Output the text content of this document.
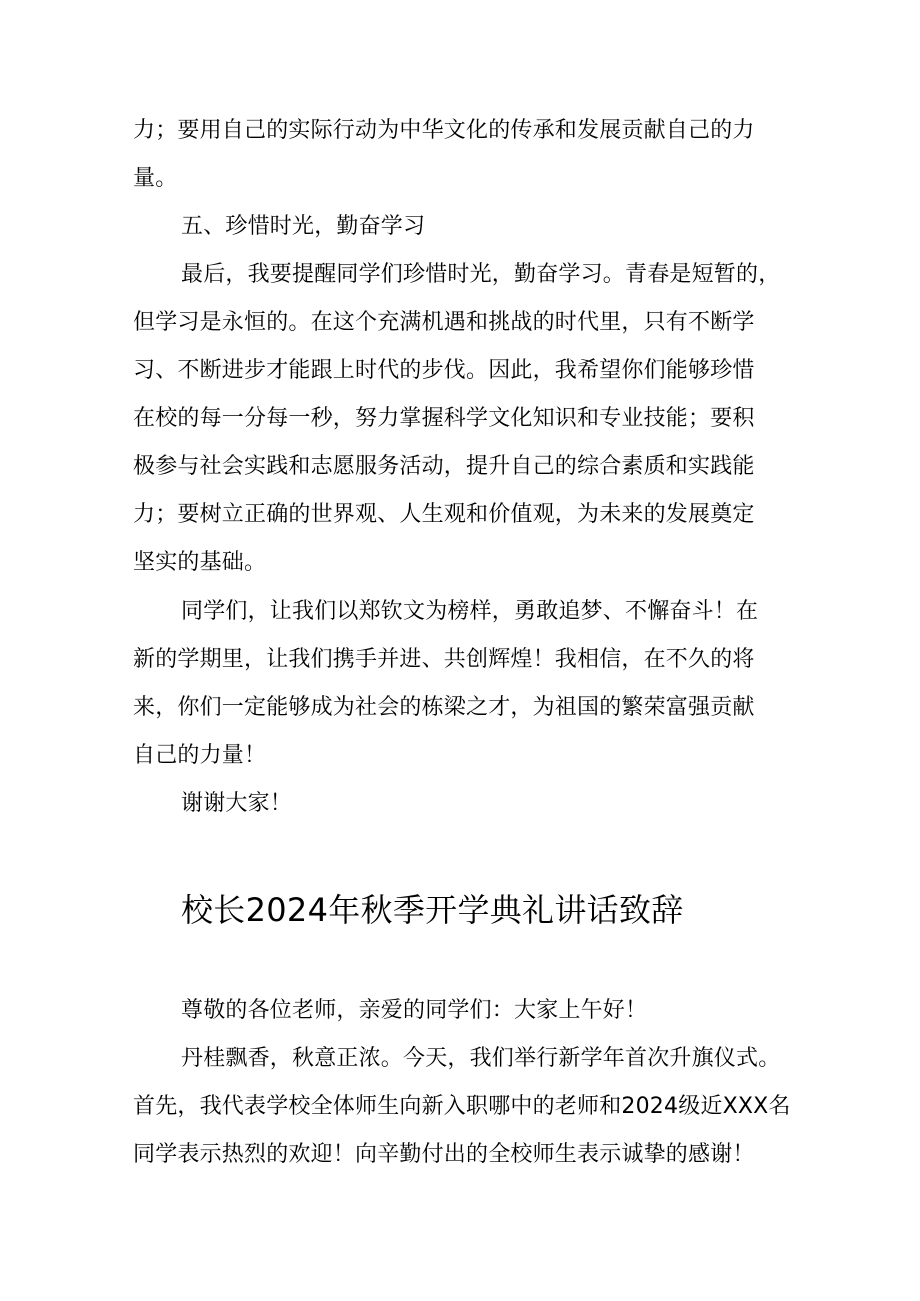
力；要用自己的实际行动为中华文化的传承和发展贡献自己的力
量。
五、珍惜时光，勤奋学习
最后，我要提醒同学们珍惜时光，勤奋学习。青春是短暂的，
但学习是永恒的。在这个充满机遇和挑战的时代里，只有不断学
习、不断进步才能跟上时代的步伐。因此，我希望你们能够珍惜
在校的每一分每一秒，努力掌握科学文化知识和专业技能；要积
极参与社会实践和志愿服务活动，提升自己的综合素质和实践能
力；要树立正确的世界观、人生观和价值观，为未来的发展奠定
坚实的基础。
同学们，让我们以郑钦文为榜样，勇敢追梦、不懈奋斗！在
新的学期里，让我们携手并进、共创辉煌！我相信，在不久的将
来，你们一定能够成为社会的栋梁之才，为祖国的繁荣富强贡献
自己的力量！
谢谢大家！
校长2024年秋季开学典礼讲话致辞
尊敬的各位老师，亲爱的同学们：大家上午好！
丹桂飘香，秋意正浓。今天，我们举行新学年首次升旗仪式。
首先，我代表学校全体师生向新入职哪中的老师和2024级近XXX名
同学表示热烈的欢迎！向辛勤付出的全校师生表示诚挚的感谢！
